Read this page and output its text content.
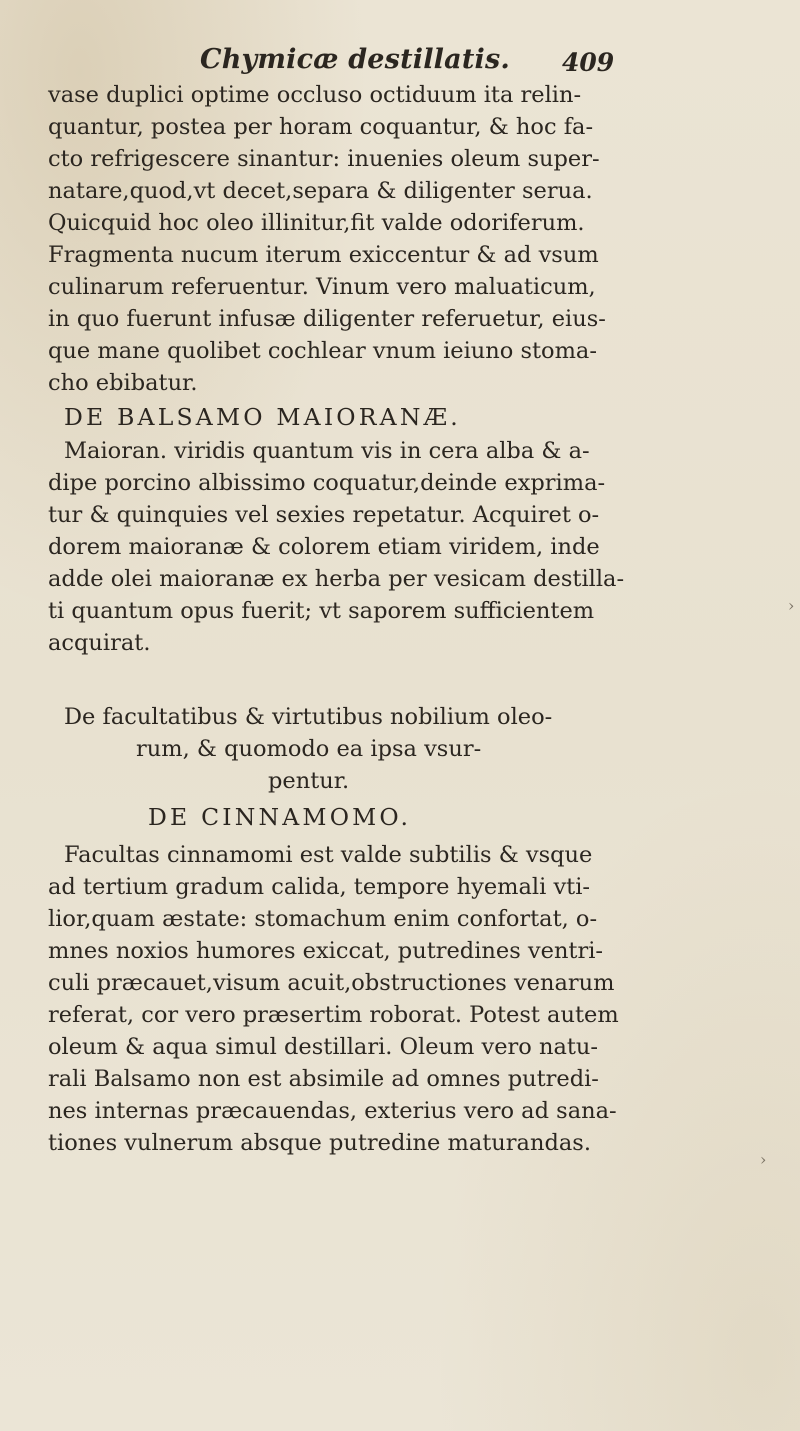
Chymicæ destillatis. 409
vase duplici optime occluso octiduum ita relin-
quantur, postea per horam coquantur, & hoc fa-
cto refrigescere sinantur: inuenies oleum super-
natare,quod,vt decet,separa & diligenter serua.
Quicquid hoc oleo illinitur,fit valde odoriferum.
Fragmenta nucum iterum exiccentur & ad vsum
culinarum referuentur. Vinum vero maluaticum,
in quo fuerunt infusæ diligenter referuetur, eius-
que mane quolibet cochlear vnum ieiuno stoma-
cho ebibatur.
DE BALSAMO MAIORANÆ.
Maioran. viridis quantum vis in cera alba & a-
dipe porcino albissimo coquatur,deinde exprima-
tur & quinquies vel sexies repetatur. Acquiret o-
dorem maioranæ & colorem etiam viridem, inde
adde olei maioranæ ex herba per vesicam destilla-
ti quantum opus fuerit; vt saporem sufficientem
acquirat.
De facultatibus & virtutibus nobilium oleo-
rum, & quomodo ea ipsa vsur-
pentur.
DE CINNAMOMO.
Facultas cinnamomi est valde subtilis & vsque
ad tertium gradum calida, tempore hyemali vti-
lior,quam æstate: stomachum enim confortat, o-
mnes noxios humores exiccat, putredines ventri-
culi præcauet,visum acuit,obstructiones venarum
referat, cor vero præsertim roborat. Potest autem
oleum & aqua simul destillari. Oleum vero natu-
rali Balsamo non est absimile ad omnes putredi-
nes internas præcauendas, exterius vero ad sana-
tiones vulnerum absque putredine maturandas.
›
›
